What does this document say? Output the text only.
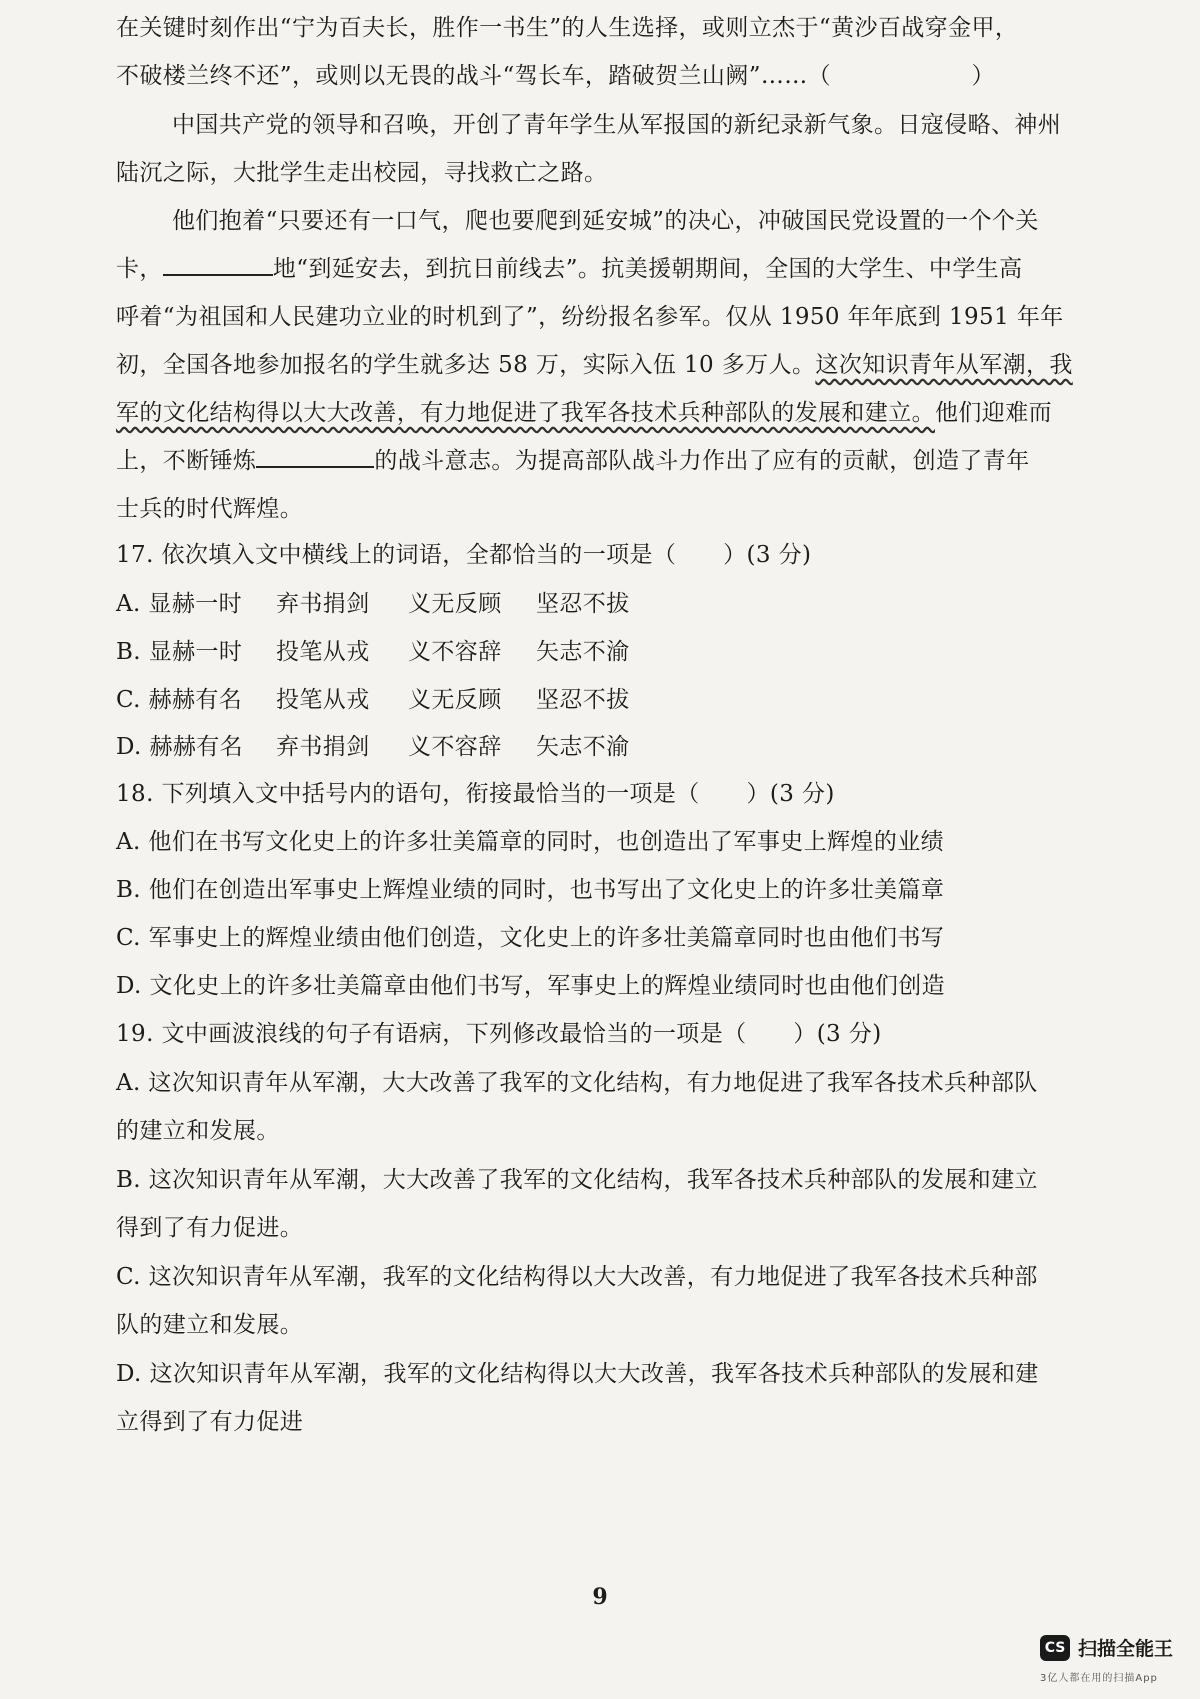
在关键时刻作出“宁为百夫长，胜作一书生”的人生选择，或则立杰于“黄沙百战穿金甲，
不破楼兰终不还”，或则以无畏的战斗“驾长车，踏破贺兰山阙”……（　　　　　　）
中国共产党的领导和召唤，开创了青年学生从军报国的新纪录新气象。日寇侵略、神州
陆沉之际，大批学生走出校园，寻找救亡之路。
他们抱着“只要还有一口气，爬也要爬到延安城”的决心，冲破国民党设置的一个个关
卡，	地“到延安去，到抗日前线去”。抗美援朝期间，全国的大学生、中学生高
呼着“为祖国和人民建功立业的时机到了”，纷纷报名参军。仅从 1950 年年底到 1951 年年
初，全国各地参加报名的学生就多达 58 万，实际入伍 10 多万人。这次知识青年从军潮，我
军的文化结构得以大大改善，有力地促进了我军各技术兵种部队的发展和建立。他们迎难而
上，不断锤炼	的战斗意志。为提高部队战斗力作出了应有的贡献，创造了青年
士兵的时代辉煌。
17. 依次填入文中横线上的词语，全都恰当的一项是（　　）(3 分)
A. 显赫一时 弃书捐剑 义无反顾 坚忍不拔
B. 显赫一时 投笔从戎 义不容辞 矢志不渝
C. 赫赫有名 投笔从戎 义无反顾 坚忍不拔
D. 赫赫有名 弃书捐剑 义不容辞 矢志不渝
18. 下列填入文中括号内的语句，衔接最恰当的一项是（　　）(3 分)
A. 他们在书写文化史上的许多壮美篇章的同时，也创造出了军事史上辉煌的业绩
B. 他们在创造出军事史上辉煌业绩的同时，也书写出了文化史上的许多壮美篇章
C. 军事史上的辉煌业绩由他们创造，文化史上的许多壮美篇章同时也由他们书写
D. 文化史上的许多壮美篇章由他们书写，军事史上的辉煌业绩同时也由他们创造
19. 文中画波浪线的句子有语病，下列修改最恰当的一项是（　　）(3 分)
A. 这次知识青年从军潮，大大改善了我军的文化结构，有力地促进了我军各技术兵种部队
的建立和发展。
B. 这次知识青年从军潮，大大改善了我军的文化结构，我军各技术兵种部队的发展和建立
得到了有力促进。
C. 这次知识青年从军潮，我军的文化结构得以大大改善，有力地促进了我军各技术兵种部
队的建立和发展。
D. 这次知识青年从军潮，我军的文化结构得以大大改善，我军各技术兵种部队的发展和建
立得到了有力促进
9
CS 扫描全能王
3亿人都在用的扫描App
